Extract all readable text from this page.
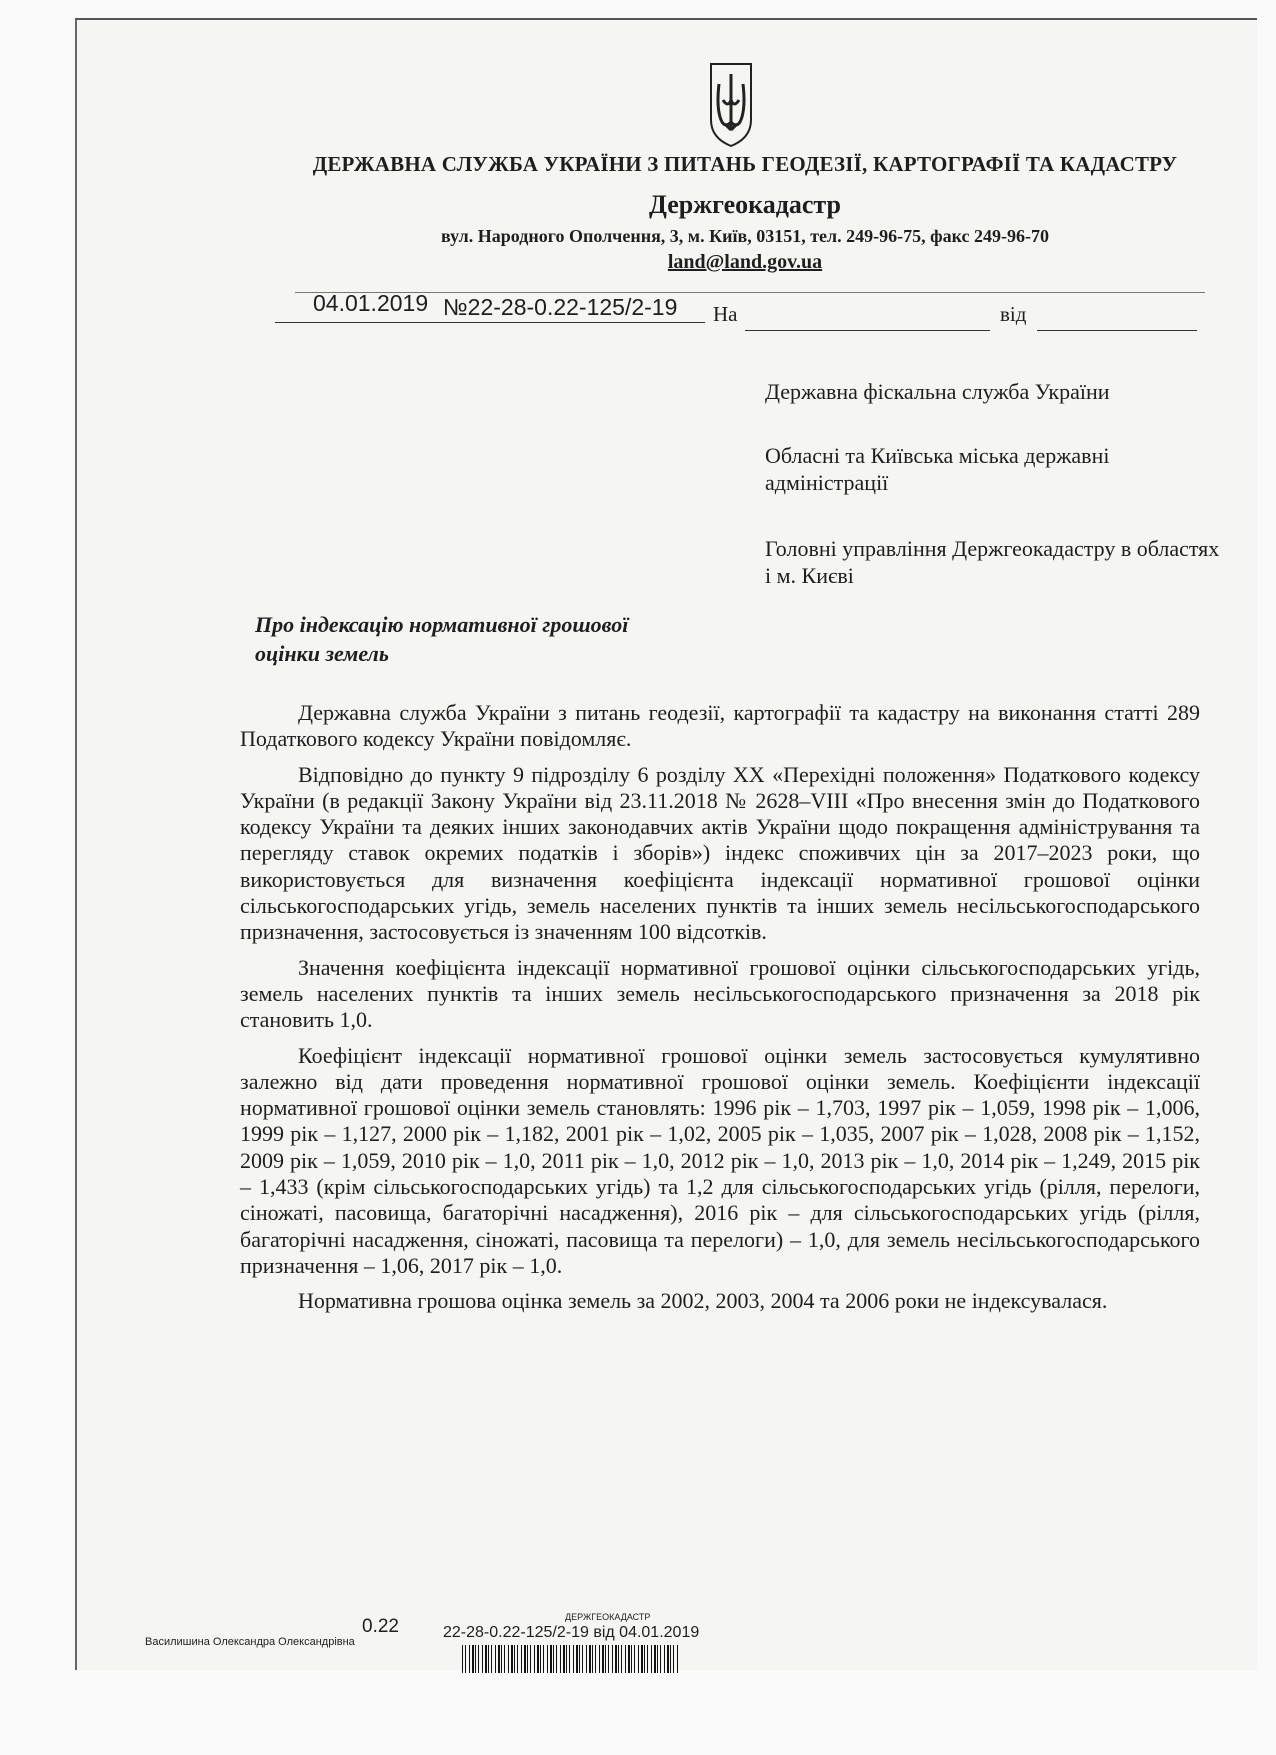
ДЕРЖАВНА СЛУЖБА УКРАЇНИ З ПИТАНЬ ГЕОДЕЗІЇ, КАРТОГРАФІЇ ТА КАДАСТРУ
Держгеокадастр
вул. Народного Ополчення, 3, м. Київ, 03151, тел. 249-96-75, факс 249-96-70
land@land.gov.ua
04.01.2019 №22-28-0.22-125/2-19 На	від
Державна фіскальна служба України
Обласні та Київська міська державні адміністрації
Головні управління Держгеокадастру в областях і м. Києві
Про індексацію нормативної грошової оцінки земель

Державна служба України з питань геодезії, картографії та кадастру на виконання статті 289 Податкового кодексу України повідомляє.

Відповідно до пункту 9 підрозділу 6 розділу XX «Перехідні положення» Податкового кодексу України (в редакції Закону України від 23.11.2018 № 2628–VIII «Про внесення змін до Податкового кодексу України та деяких інших законодавчих актів України щодо покращення адміністрування та перегляду ставок окремих податків і зборів») індекс споживчих цін за 2017–2023 роки, що використовується для визначення коефіцієнта індексації нормативної грошової оцінки сільськогосподарських угідь, земель населених пунктів та інших земель несільськогосподарського призначення, застосовується із значенням 100 відсотків.

Значення коефіцієнта індексації нормативної грошової оцінки сільськогосподарських угідь, земель населених пунктів та інших земель несільськогосподарського призначення за 2018 рік становить 1,0.

Коефіцієнт індексації нормативної грошової оцінки земель застосовується кумулятивно залежно від дати проведення нормативної грошової оцінки земель. Коефіцієнти індексації нормативної грошової оцінки земель становлять: 1996 рік – 1,703, 1997 рік – 1,059, 1998 рік – 1,006, 1999 рік – 1,127, 2000 рік – 1,182, 2001 рік – 1,02, 2005 рік – 1,035, 2007 рік – 1,028, 2008 рік – 1,152, 2009 рік – 1,059, 2010 рік – 1,0, 2011 рік – 1,0, 2012 рік – 1,0, 2013 рік – 1,0, 2014 рік – 1,249, 2015 рік – 1,433 (крім сільськогосподарських угідь) та 1,2 для сільськогосподарських угідь (рілля, перелоги, сіножаті, пасовища, багаторічні насадження), 2016 рік – для сільськогосподарських угідь (рілля, багаторічні насадження, сіножаті, пасовища та перелоги) – 1,0, для земель несільськогосподарського призначення – 1,06, 2017 рік – 1,0.

Нормативна грошова оцінка земель за 2002, 2003, 2004 та 2006 роки не індексувалася.

0.22
Василишина Олександра Олександрівна
ДЕРЖГЕОКАДАСТР
22-28-0.22-125/2-19 від 04.01.2019
